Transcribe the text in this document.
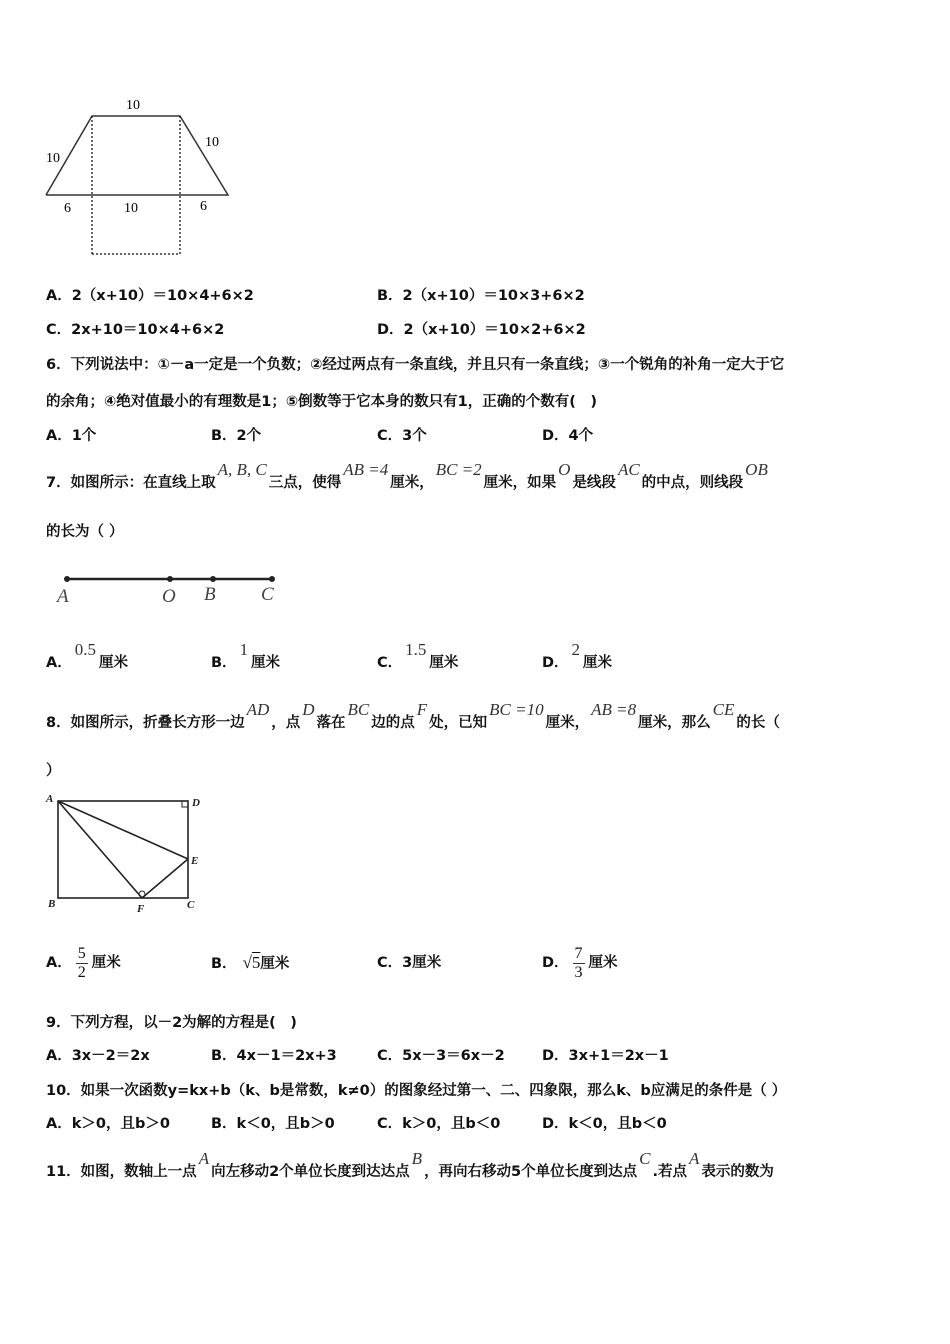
10
10
10
6	10	6
A．2（x+10）＝10×4+6×2	B．2（x+10）＝10×3+6×2
C．2x+10＝10×4+6×2	D．2（x+10）＝10×2+6×2
6．下列说法中：①－a一定是一个负数；②经过两点有一条直线，并且只有一条直线；③一个锐角的补角一定大于它
的余角；④绝对值最小的有理数是1；⑤倒数等于它本身的数只有1，正确的个数有(　)
A．1个	B．2个	C．3个	D．4个
7．如图所示：在直线上取A, B, C三点，使得AB =4厘米，BC =2厘米，如果O是线段AC的中点，则线段OB
的长为（ ）
A	O B C
A．0.5厘米	B．1厘米	C．1.5厘米	D．2厘米
8．如图所示，折叠长方形一边AD，点D落在BC边的点F处，已知BC =10厘米，AB =8厘米，那么CE的长（
）
A	D
E
B	F	C
A． $\frac{5}{2}$ 厘米	B． √5厘米	C．3厘米	D． $\frac{7}{3}$ 厘米
9．下列方程，以－2为解的方程是(　)
A．3x－2＝2x	B．4x－1＝2x+3	C．5x－3＝6x－2	D．3x+1＝2x－1
10．如果一次函数y=kx+b（k、b是常数，k≠0）的图象经过第一、二、四象限，那么k、b应满足的条件是（ ）
A．k＞0，且b＞0	B．k＜0，且b＞0	C．k＞0，且b＜0	D．k＜0，且b＜0
11．如图，数轴上一点A向左移动2个单位长度到达达点B，再向右移动5个单位长度到达点C.若点A表示的数为
